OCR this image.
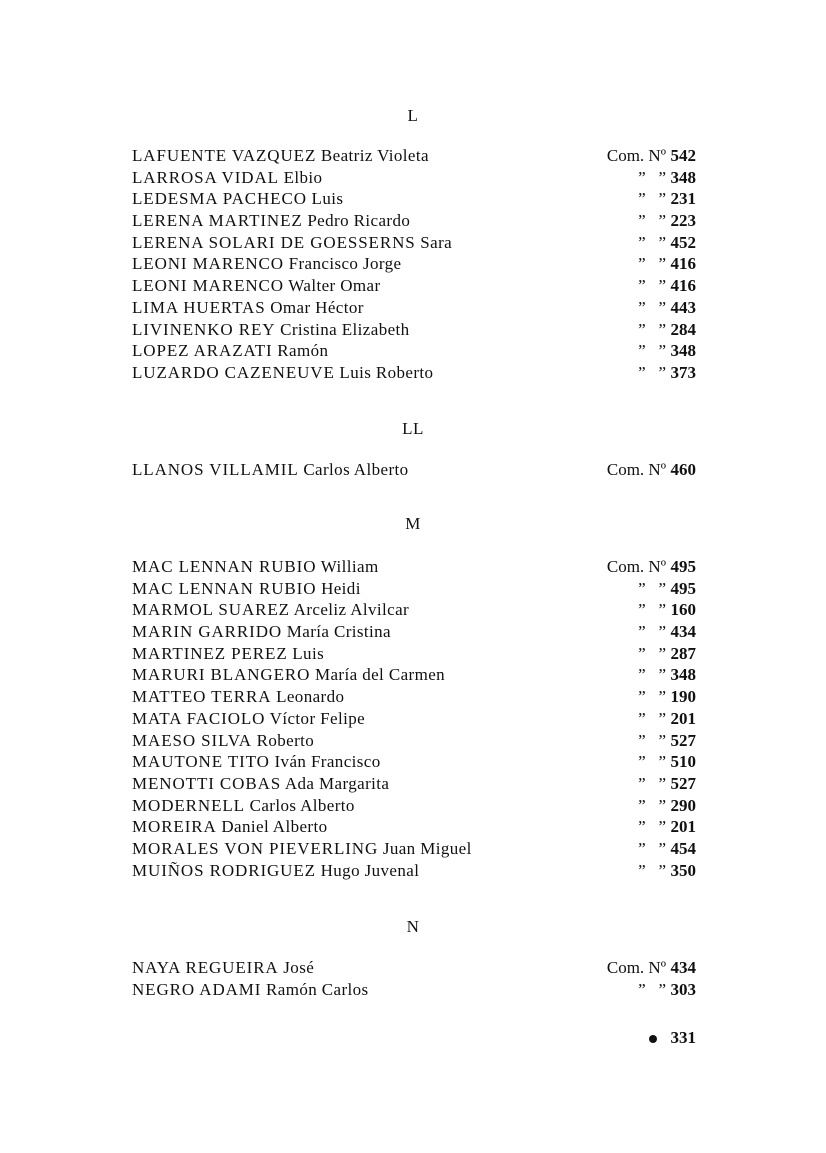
L
LAFUENTE VAZQUEZ Beatriz Violeta	Com. Nº 542
LARROSA VIDAL Elbio	”   ” 348
LEDESMA PACHECO Luis	”   ” 231
LERENA MARTINEZ Pedro Ricardo	”   ” 223
LERENA SOLARI DE GOESSERNS Sara	”   ” 452
LEONI MARENCO Francisco Jorge	”   ” 416
LEONI MARENCO Walter Omar	”   ” 416
LIMA HUERTAS Omar Héctor	”   ” 443
LIVINENKO REY Cristina Elizabeth	”   ” 284
LOPEZ ARAZATI Ramón	”   ” 348
LUZARDO CAZENEUVE Luis Roberto	”   ” 373
LL
LLANOS VILLAMIL Carlos Alberto	Com. Nº 460
M
MAC LENNAN RUBIO William	Com. Nº 495
MAC LENNAN RUBIO Heidi	”   ” 495
MARMOL SUAREZ Arceliz Alvilcar	”   ” 160
MARIN GARRIDO María Cristina	”   ” 434
MARTINEZ PEREZ Luis	”   ” 287
MARURI BLANGERO María del Carmen	”   ” 348
MATTEO TERRA Leonardo	”   ” 190
MATA FACIOLO Víctor Felipe	”   ” 201
MAESO SILVA Roberto	”   ” 527
MAUTONE TITO Iván Francisco	”   ” 510
MENOTTI COBAS Ada Margarita	”   ” 527
MODERNELL Carlos Alberto	”   ” 290
MOREIRA Daniel Alberto	”   ” 201
MORALES VON PIEVERLING Juan Miguel	”   ” 454
MUIÑOS RODRIGUEZ Hugo Juvenal	”   ” 350
N
NAYA REGUEIRA José	Com. Nº 434
NEGRO ADAMI Ramón Carlos	”   ” 303
331
